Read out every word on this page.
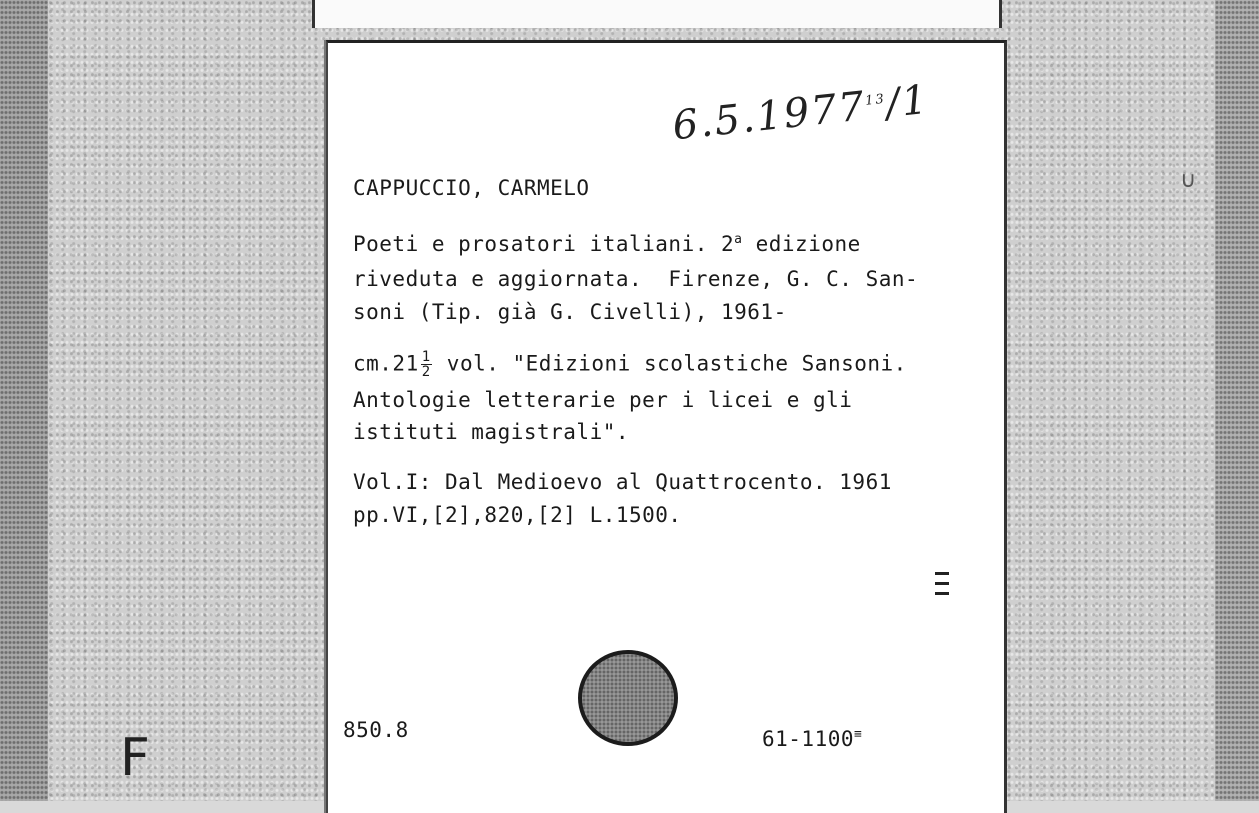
F
∪
6.5.1977$^{13}$/1
CAPPUCCIO, CARMELO
Poeti e prosatori italiani. 2$^a$ edizione
riveduta e aggiornata.  Firenze, G. C. San-
soni (Tip. già G. Civelli), 1961-
$cm.21 \frac{1}{2}$ vol. "Edizioni scolastiche Sansoni.
Antologie letterarie per i licei e gli
istituti magistrali".
Vol.I: Dal Medioevo al Quattrocento. 1961
pp.VI,[2],820,[2] L.1500.
850.8	61-1100≡
